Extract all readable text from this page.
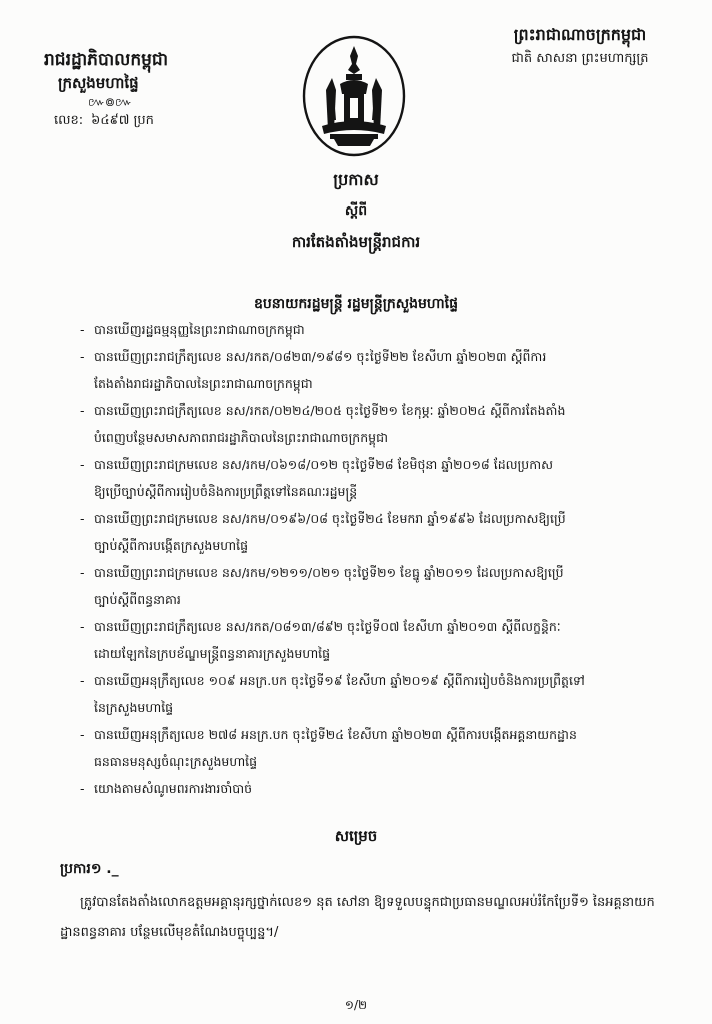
រាជរដ្ឋាភិបាលកម្ពុជា
ក្រសួងមហាផ្ទៃ
៚៙៚
លេខ: ៦៤៩៧ ប្រក
ព្រះរាជាណាចក្រកម្ពុជា
ជាតិ សាសនា ព្រះមហាក្សត្រ
ប្រកាស
ស្ដីពី
ការតែងតាំងមន្ត្រីរាជការ
ឧបនាយករដ្ឋមន្ត្រី រដ្ឋមន្ត្រីក្រសួងមហាផ្ទៃ
- បានឃើញរដ្ឋធម្មនុញ្ញនៃព្រះរាជាណាចក្រកម្ពុជា
- បានឃើញព្រះរាជក្រឹត្យលេខ នស/រកត/០៨២៣/១៩៨១ ចុះថ្ងៃទី២២ ខែសីហា ឆ្នាំ២០២៣ ស្ដីពីការ
តែងតាំងរាជរដ្ឋាភិបាលនៃព្រះរាជាណាចក្រកម្ពុជា
- បានឃើញព្រះរាជក្រឹត្យលេខ នស/រកត/០២២៤/២០៥ ចុះថ្ងៃទី២១ ខែកុម្ភៈ ឆ្នាំ២០២៤ ស្ដីពីការតែងតាំង
បំពេញបន្ថែមសមាសភាពរាជរដ្ឋាភិបាលនៃព្រះរាជាណាចក្រកម្ពុជា
- បានឃើញព្រះរាជក្រមលេខ នស/រកម/០៦១៨/០១២ ចុះថ្ងៃទី២៨ ខែមិថុនា ឆ្នាំ២០១៨ ដែលប្រកាស
ឱ្យប្រើច្បាប់ស្ដីពីការរៀបចំនិងការប្រព្រឹត្តទៅនៃគណៈរដ្ឋមន្ត្រី
- បានឃើញព្រះរាជក្រមលេខ នស/រកម/០១៩៦/០៨ ចុះថ្ងៃទី២៤ ខែមករា ឆ្នាំ១៩៩៦ ដែលប្រកាសឱ្យប្រើ
ច្បាប់ស្ដីពីការបង្កើតក្រសួងមហាផ្ទៃ
- បានឃើញព្រះរាជក្រមលេខ នស/រកម/១២១១/០២១ ចុះថ្ងៃទី២១ ខែធ្នូ ឆ្នាំ២០១១ ដែលប្រកាសឱ្យប្រើ
ច្បាប់ស្ដីពីពន្ធនាគារ
- បានឃើញព្រះរាជក្រឹត្យលេខ នស/រកត/០៨១៣/៨៩២ ចុះថ្ងៃទី០៧ ខែសីហា ឆ្នាំ២០១៣ ស្ដីពីលក្ខន្តិកៈ
ដោយឡែកនៃក្របខ័ណ្ឌមន្ត្រីពន្ធនាគារក្រសួងមហាផ្ទៃ
- បានឃើញអនុក្រឹត្យលេខ ១០៩ អនក្រ.បក ចុះថ្ងៃទី១៩ ខែសីហា ឆ្នាំ២០១៩ ស្ដីពីការរៀបចំនិងការប្រព្រឹត្តទៅ
នៃក្រសួងមហាផ្ទៃ
- បានឃើញអនុក្រឹត្យលេខ ២៧៨ អនក្រ.បក ចុះថ្ងៃទី២៤ ខែសីហា ឆ្នាំ២០២៣ ស្ដីពីការបង្កើតអគ្គនាយកដ្ឋាន
ធនធានមនុស្សចំណុះក្រសួងមហាផ្ទៃ
- យោងតាមសំណូមពរការងារចាំបាច់
សម្រេច
ប្រការ១ ._
ត្រូវបានតែងតាំងលោកឧត្តមអគ្គានុរក្សថ្នាក់លេខ១ នុត សៅនា ឱ្យទទួលបន្ទុកជាប្រធានមណ្ឌលអប់រំកែប្រែទី១ នៃអគ្គនាយកដ្ឋានពន្ធនាគារ បន្ថែមលើមុខតំណែងបច្ចុប្បន្ន។/
១/២
